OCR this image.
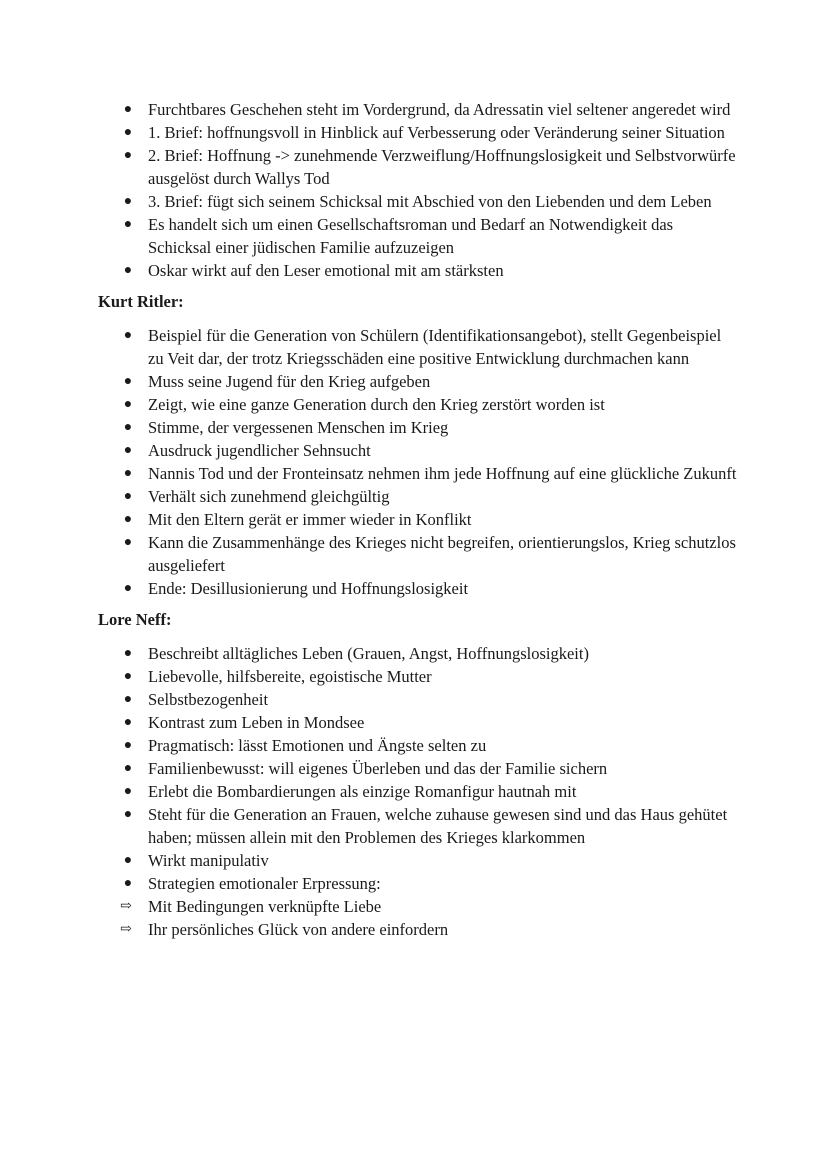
● Furchtbares Geschehen steht im Vordergrund, da Adressatin viel seltener angeredet wird
● 1. Brief: hoffnungsvoll in Hinblick auf Verbesserung oder Veränderung seiner Situation
● 2. Brief: Hoffnung -> zunehmende Verzweiflung/Hoffnungslosigkeit und Selbstvorwürfe ausgelöst durch Wallys Tod
● 3. Brief: fügt sich seinem Schicksal mit Abschied von den Liebenden und dem Leben
● Es handelt sich um einen Gesellschaftsroman und Bedarf an Notwendigkeit das Schicksal einer jüdischen Familie aufzuzeigen
● Oskar wirkt auf den Leser emotional mit am stärksten
Kurt Ritler:
● Beispiel für die Generation von Schülern (Identifikationsangebot), stellt Gegenbeispiel zu Veit dar, der trotz Kriegsschäden eine positive Entwicklung durchmachen kann
● Muss seine Jugend für den Krieg aufgeben
● Zeigt, wie eine ganze Generation durch den Krieg zerstört worden ist
● Stimme, der vergessenen Menschen im Krieg
● Ausdruck jugendlicher Sehnsucht
● Nannis Tod und der Fronteinsatz nehmen ihm jede Hoffnung auf eine glückliche Zukunft
● Verhält sich zunehmend gleichgültig
● Mit den Eltern gerät er immer wieder in Konflikt
● Kann die Zusammenhänge des Krieges nicht begreifen, orientierungslos, Krieg schutzlos ausgeliefert
● Ende: Desillusionierung und Hoffnungslosigkeit
Lore Neff:
● Beschreibt alltägliches Leben (Grauen, Angst, Hoffnungslosigkeit)
● Liebevolle, hilfsbereite, egoistische Mutter
● Selbstbezogenheit
● Kontrast zum Leben in Mondsee
● Pragmatisch: lässt Emotionen und Ängste selten zu
● Familienbewusst: will eigenes Überleben und das der Familie sichern
● Erlebt die Bombardierungen als einzige Romanfigur hautnah mit
● Steht für die Generation an Frauen, welche zuhause gewesen sind und das Haus gehütet haben; müssen allein mit den Problemen des Krieges klarkommen
● Wirkt manipulativ
● Strategien emotionaler Erpressung:
⇨ Mit Bedingungen verknüpfte Liebe
⇨ Ihr persönliches Glück von andere einfordern
